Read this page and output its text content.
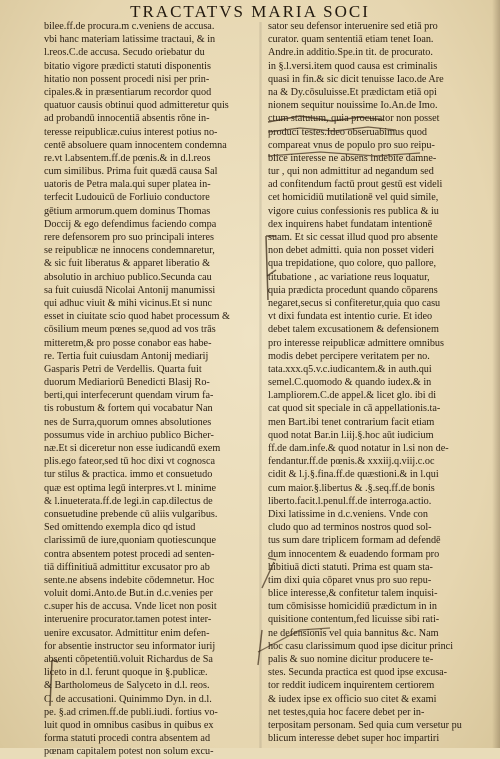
TRACTATVS MARIA SOCI
bilee.ff.de procura.m c.veniens de accusa.
vbi hanc materiam latissime tractaui, & in
l.reos.C.de accusa. Secudo oriebatur du
bitatio vigore prædicti statuti disponentis
hitatio non possent procedi nisi per prin-
cipales.& in præsentiarum recordor quod
quatuor causis obtinui quod admitteretur quis
ad probandū innocentiā absentis rōne in-
teresse reipublicæ.cuius interest potius no-
centē absoluere quam innocentem condemna
re.vt l.absentem.ff.de pœnis.& in d.l.reos
cum similibus. Prima fuit quædā causa Sal
uatoris de Petra mala.qui super platea in-
terfecit Ludouicū de Forliuio conductore
gētium armorum.quem dominus Thomas
Doccij & ego defendimus faciendo compa
rere defensorem pro suo principali interes
se reipublicæ ne innocens condemnaretur,
& sic fuit liberatus & apparet liberatio &
absolutio in archiuo publico.Secunda cau
sa fuit cuiusdā Nicolai Antonij manumissi
qui adhuc viuit & mihi vicinus.Et si nunc
esset in ciuitate scio quod habet processum &
cōsilium meum pœnes se,quod ad vos trās
mitteretm,& pro posse conabor eas habe-
re. Tertia fuit cuiusdam Antonij mediarij
Gasparis Petri de Verdellis. Quarta fuit
duorum Mediariorū Benedicti Blasij Ro-
berti,qui interfecerunt quendam virum fa-
tis robustum & fortem qui vocabatur Nan
nes de Surra,quorum omnes absolutiones
possumus vide in archiuo publico Bicher-
næ.Et si diceretur non esse iudicandū exem
plis.ego fateor,sed tū hoc dixi vt cognosca
tur stilus & practica. immo et consuetudo
quæ est optima legū interpres.vt l. minime
& l.inueterata.ff.de legi.in cap.dilectus de
consuetudine prebende cū aliis vulgaribus.
Sed omittendo exempla dico qd istud
clarissimū de iure,quoniam quotiescunque
contra absentem potest procedi ad senten-
tiā diffinitiuā admittitur excusator pro ab
sente.ne absens indebite cōdemnetur. Hoc
voluit domi.Anto.de But.in d.c.venies per
c.super his de accusa. Vnde licet non posit
interuenire procurator.tamen potest inter-
uenire excusator. Admittitur enim defen-
for absentie instructor seu informator iurij
absenti cōpetentiū.voluit Richardus de Sa
liceto in d.l. ferunt quoque in §.publicæ.
& Bartholomeus de Salyceto in d.l. reos.
C. de accusationi. Quinimmo Dyn. in d.l.
pe. §.ad crimen.ff.de publi.iudi. fortius vo-
luit quod in omnibus casibus in quibus ex
forma statuti procedi contra absentem ad
pœnam capitalem potest non solum excu-
sator seu defensor interuenire sed etiā pro
curator. quam sententiā etiam tenet Ioan.
Andre.in additio.Spe.in tit. de procurato.
in §.l.versi.item quod causa est criminalis
quasi in fin.& sic dicit tenuisse Iaco.de Are
na & Dy.cōsuluisse.Et prædictam etiā opi
nionem sequitur nouissime Io.An.de Imo.
ctum statutum, quia procurator non posset
produci testes.Ideo obseruabimus quod
compareat vnus de populo pro suo reipu-
blice interesse ne absens indebite damne-
tur , qui non admittitur ad negandum sed
ad confitendum factū prout gestū est videli
cet homicidiū mutilationē vel quid simile,
vigore cuius confessionis res publica & iu
dex inquirens habet fundatam intentionē
suam. Et sic cessat illud quod pro absente
non debet admitti. quia non posset videri
qua trepidatione, quo colore, quo pallore,
titubatione , ac variatione reus loquatur,
quia prædicta procedunt quando cōparens
negaret,secus si confiteretur,quia quo casu
vt dixi fundata est intentio curie. Et ideo
debet talem excusationem & defensionem
pro interesse reipublicæ admittere omnibus
modis debet percipere veritatem per no.
tata.xxx.q5.v.c.iudicantem.& in auth.qui
semel.C.quomodo & quando iudex.& in
l.ampliorem.C.de appel.& licet glo. ibi di
cat quod sit speciale in cā appellationis.ta-
men Bart.ibi tenet contrarium facit etiam
quod notat Bar.in l.iij.§.hoc aūt iudicium
ff.de dam.infe.& quod notatur in l.si non de-
fendantur.ff.de pœnis.& xxxiij.q.viij.c.oc
cidit & l.j.§.fina.ff.de quæstioni.& in l.qui
cum maior.§.libertus & .§.seq.ff.de bonis
liberto.facit.l.penul.ff.de interroga.actio.
Dixi latissime in d.c.veniens. Vnde con
cludo quo ad terminos nostros quod sol-
tus sum dare triplicem formam ad defendē
dum innocentem & euadendo formam pro
hibitiuā dicti statuti. Prima est quam sta-
tim dixi quia cōparet vnus pro suo repu-
blice interesse,& confitetur talem inquisi-
tum cōmisisse homicidiū prædictum in in
quisitione contentum,fed licuisse sibi rati-
ne defensionis vel quia bannitus &c. Nam
hoc casu clarissimum quod ipse dicitur princi
palis & suo nomine dicitur producere te-
stes. Secunda practica est quod ipse excusa-
tor reddit iudicem inquirentem certiorem
& iudex ipse ex officio suo citet & exami
net testes,quia hoc facere debet per in-
terpositam personam. Sed quia cum versetur pu
blicum interesse debet super hoc impartiri
